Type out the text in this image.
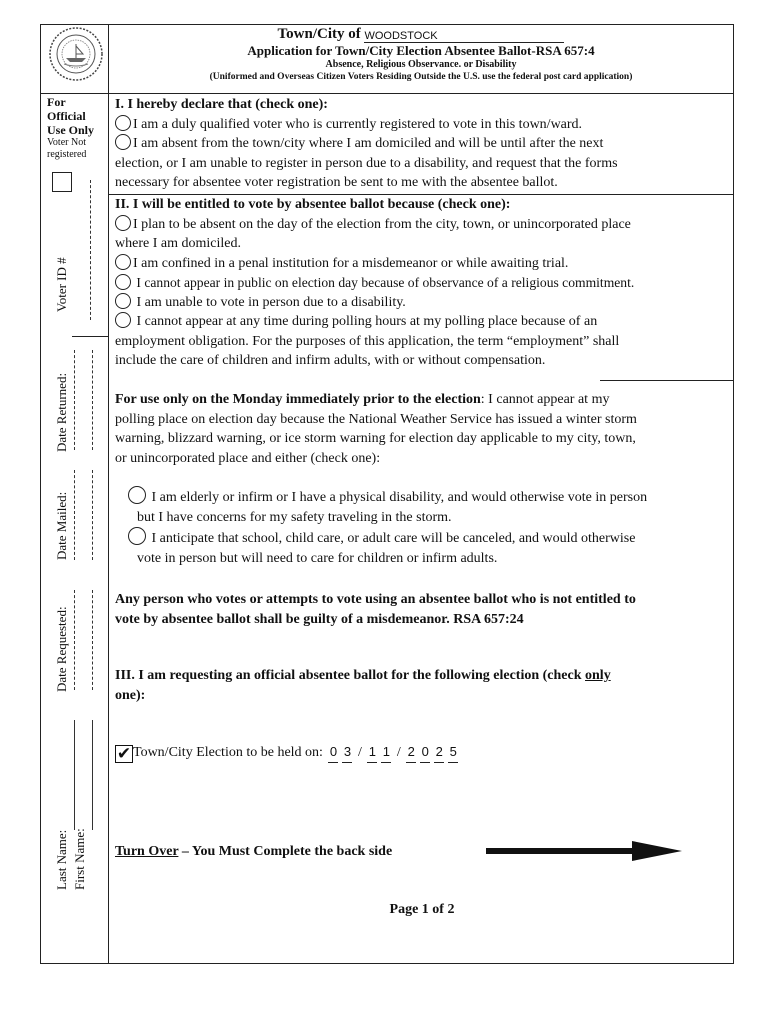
Town/City of WOODSTOCK
Application for Town/City Election Absentee Ballot-RSA 657:4
Absence, Religious Observance. or Disability
(Uniformed and Overseas Citizen Voters Residing Outside the U.S. use the federal post card application)
For
Official
Use Only
Voter Not
registered
Voter ID #
Date Returned:
Date Mailed:
Date Requested:
Last Name: First Name:
I. I hereby declare that (check one):
I am a duly qualified voter who is currently registered to vote in this town/ward.
I am absent from the town/city where I am domiciled and will be until after the next
election, or I am unable to register in person due to a disability, and request that the forms
necessary for absentee voter registration be sent to me with the absentee ballot.
II. I will be entitled to vote by absentee ballot because (check one):
I plan to be absent on the day of the election from the city, town, or unincorporated place
where I am domiciled.
I am confined in a penal institution for a misdemeanor or while awaiting trial.
I cannot appear in public on election day because of observance of a religious commitment.
I am unable to vote in person due to a disability.
I cannot appear at any time during polling hours at my polling place because of an
employment obligation. For the purposes of this application, the term “employment” shall
include the care of children and infirm adults, with or without compensation.
For use only on the Monday immediately prior to the election: I cannot appear at my
polling place on election day because the National Weather Service has issued a winter storm
warning, blizzard warning, or ice storm warning for election day applicable to my city, town,
or unincorporated place and either (check one):
I am elderly or infirm or I have a physical disability, and would otherwise vote in person
but I have concerns for my safety traveling in the storm.
I anticipate that school, child care, or adult care will be canceled, and would otherwise
vote in person but will need to care for children or infirm adults.
Any person who votes or attempts to vote using an absentee ballot who is not entitled to
vote by absentee ballot shall be guilty of a misdemeanor. RSA 657:24
III. I am requesting an official absentee ballot for the following election (check only
one):
✔ Town/City Election to be held on: 0 3 / 1 1 / 2 0 2 5
Turn Over – You Must Complete the back side
Page 1 of 2
